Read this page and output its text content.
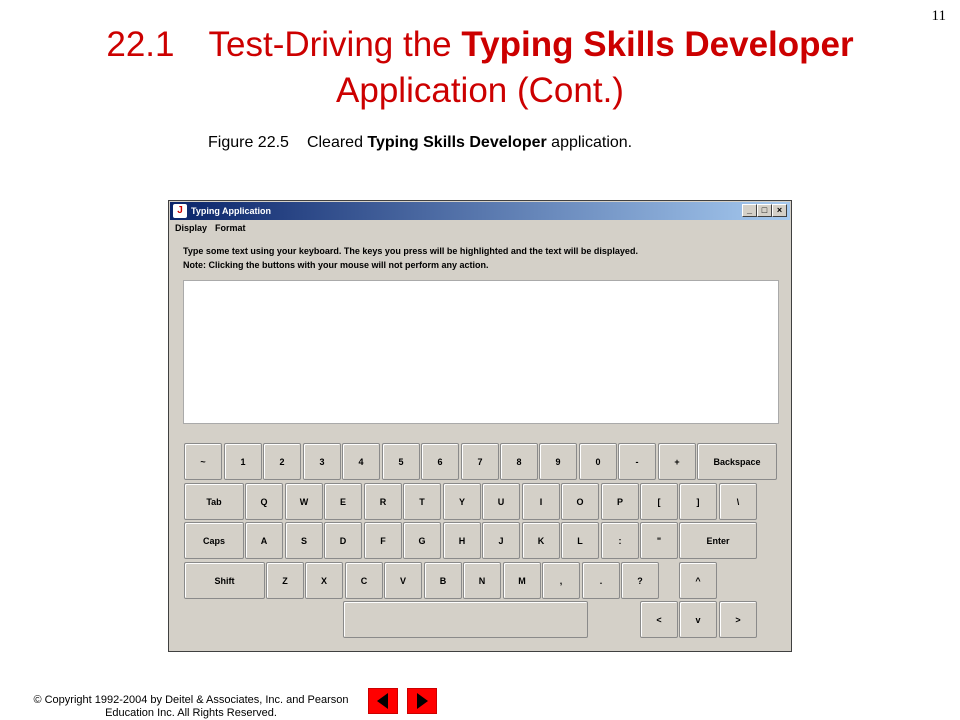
11
22.1 Test-Driving the Typing Skills Developer Application (Cont.)
Figure 22.5 Cleared Typing Skills Developer application.
J Typing Application	_	□	×
Display Format
Type some text using your keyboard. The keys you press will be highlighted and the text will be displayed.
Note: Clicking the buttons with your mouse will not perform any action.
~	1	2	3	4	5	6	7	8	9	0	-	+	Backspace
Tab	Q	W	E	R	T	Y	U	I	O	P	[	]	\
Caps	A	S	D	F	G	H	J	K	L	:	"	Enter
Shift	Z	X	C	V	B	N	M	,	.	?	^
<	v	>
© Copyright 1992-2004 by Deitel & Associates, Inc. and Pearson
Education Inc. All Rights Reserved.
